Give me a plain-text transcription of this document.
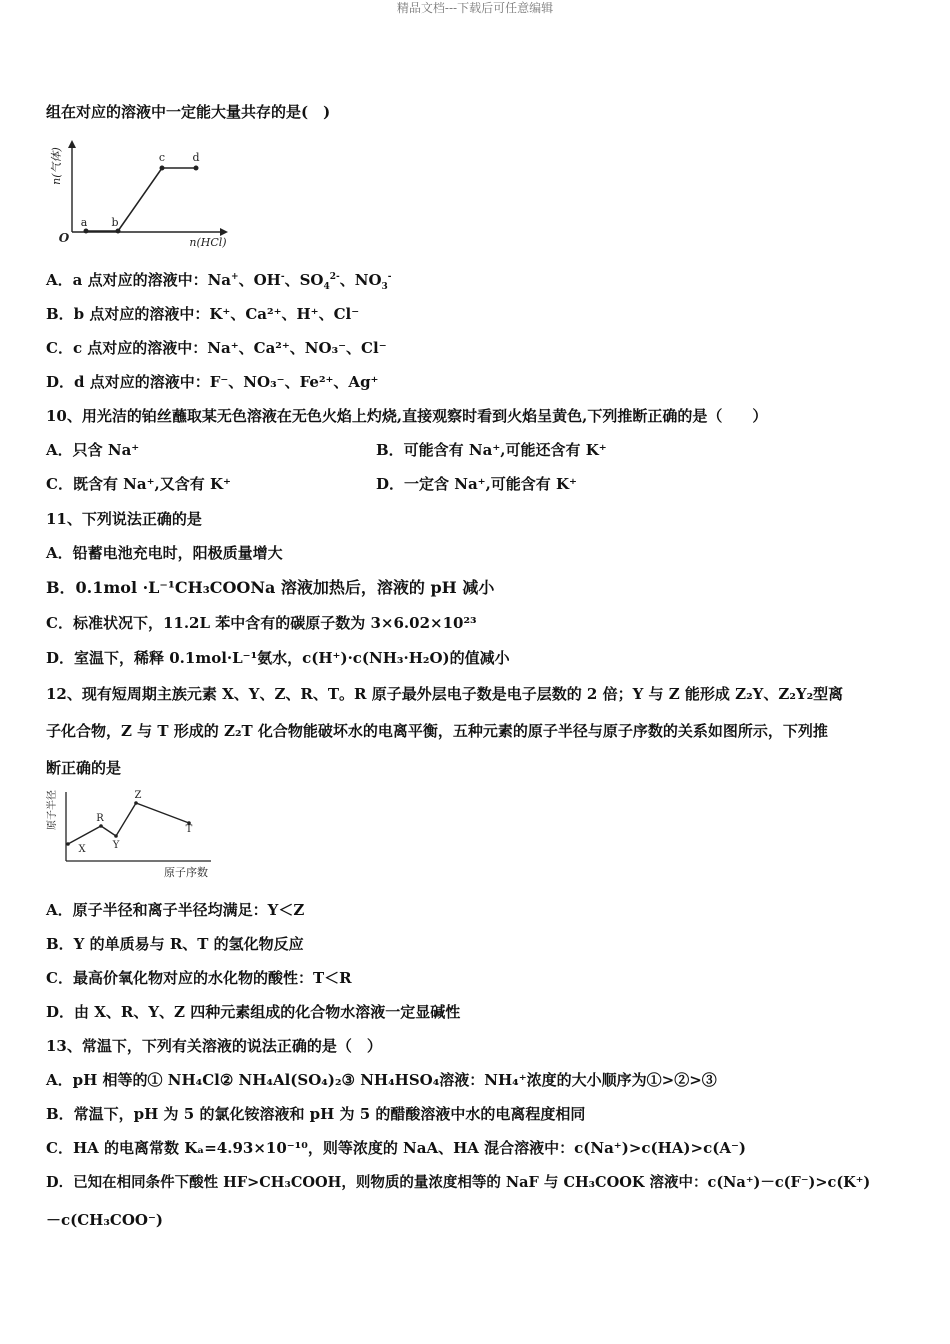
精品文档---下载后可任意编辑
组在对应的溶液中一定能大量共存的是(　)
a b
c d
O	n(HCl)
n(气体)
A．a 点对应的溶液中：Na+、OH-、$SO_4^{2-}$、$NO_3^-$
B．b 点对应的溶液中：K⁺、Ca²⁺、H⁺、Cl⁻
C．c 点对应的溶液中：Na⁺、Ca²⁺、NO₃⁻、Cl⁻
D．d 点对应的溶液中：F⁻、NO₃⁻、Fe²⁺、Ag⁺
10、用光洁的铂丝蘸取某无色溶液在无色火焰上灼烧,直接观察时看到火焰呈黄色,下列推断正确的是（　　）
A．只含 Na⁺	B．可能含有 Na⁺,可能还含有 K⁺
C．既含有 Na⁺,又含有 K⁺	D．一定含 Na⁺,可能含有 K⁺
11、下列说法正确的是
A．铅蓄电池充电时，阳极质量增大
B．0.1mol ·L⁻¹CH₃COONa 溶液加热后，溶液的 pH 减小
C．标准状况下，11.2L 苯中含有的碳原子数为 3×6.02×10²³
D．室温下，稀释 0.1mol·L⁻¹氨水，c(H⁺)·c(NH₃·H₂O)的值减小
12、现有短周期主族元素 X、Y、Z、R、T。R 原子最外层电子数是电子层数的 2 倍；Y 与 Z 能形成 Z₂Y、Z₂Y₂型离
子化合物，Z 与 T 形成的 Z₂T 化合物能破坏水的电离平衡，五种元素的原子半径与原子序数的关系如图所示，下列推
断正确的是
X
R
Y
Z
T
原子序数
原子半径
A．原子半径和离子半径均满足：Y＜Z
B．Y 的单质易与 R、T 的氢化物反应
C．最高价氧化物对应的水化物的酸性：T＜R
D．由 X、R、Y、Z 四种元素组成的化合物水溶液一定显碱性
13、常温下，下列有关溶液的说法正确的是（　）
A．pH 相等的① NH₄Cl② NH₄Al(SO₄)₂③ NH₄HSO₄溶液：NH₄⁺浓度的大小顺序为①>②>③
B．常温下，pH 为 5 的氯化铵溶液和 pH 为 5 的醋酸溶液中水的电离程度相同
C．HA 的电离常数 Kₐ=4.93×10⁻¹⁰，则等浓度的 NaA、HA 混合溶液中：c(Na⁺)>c(HA)>c(A⁻)
D．已知在相同条件下酸性 HF>CH₃COOH，则物质的量浓度相等的 NaF 与 CH₃COOK 溶液中：c(Na⁺)－c(F⁻)>c(K⁺)
－c(CH₃COO⁻)
